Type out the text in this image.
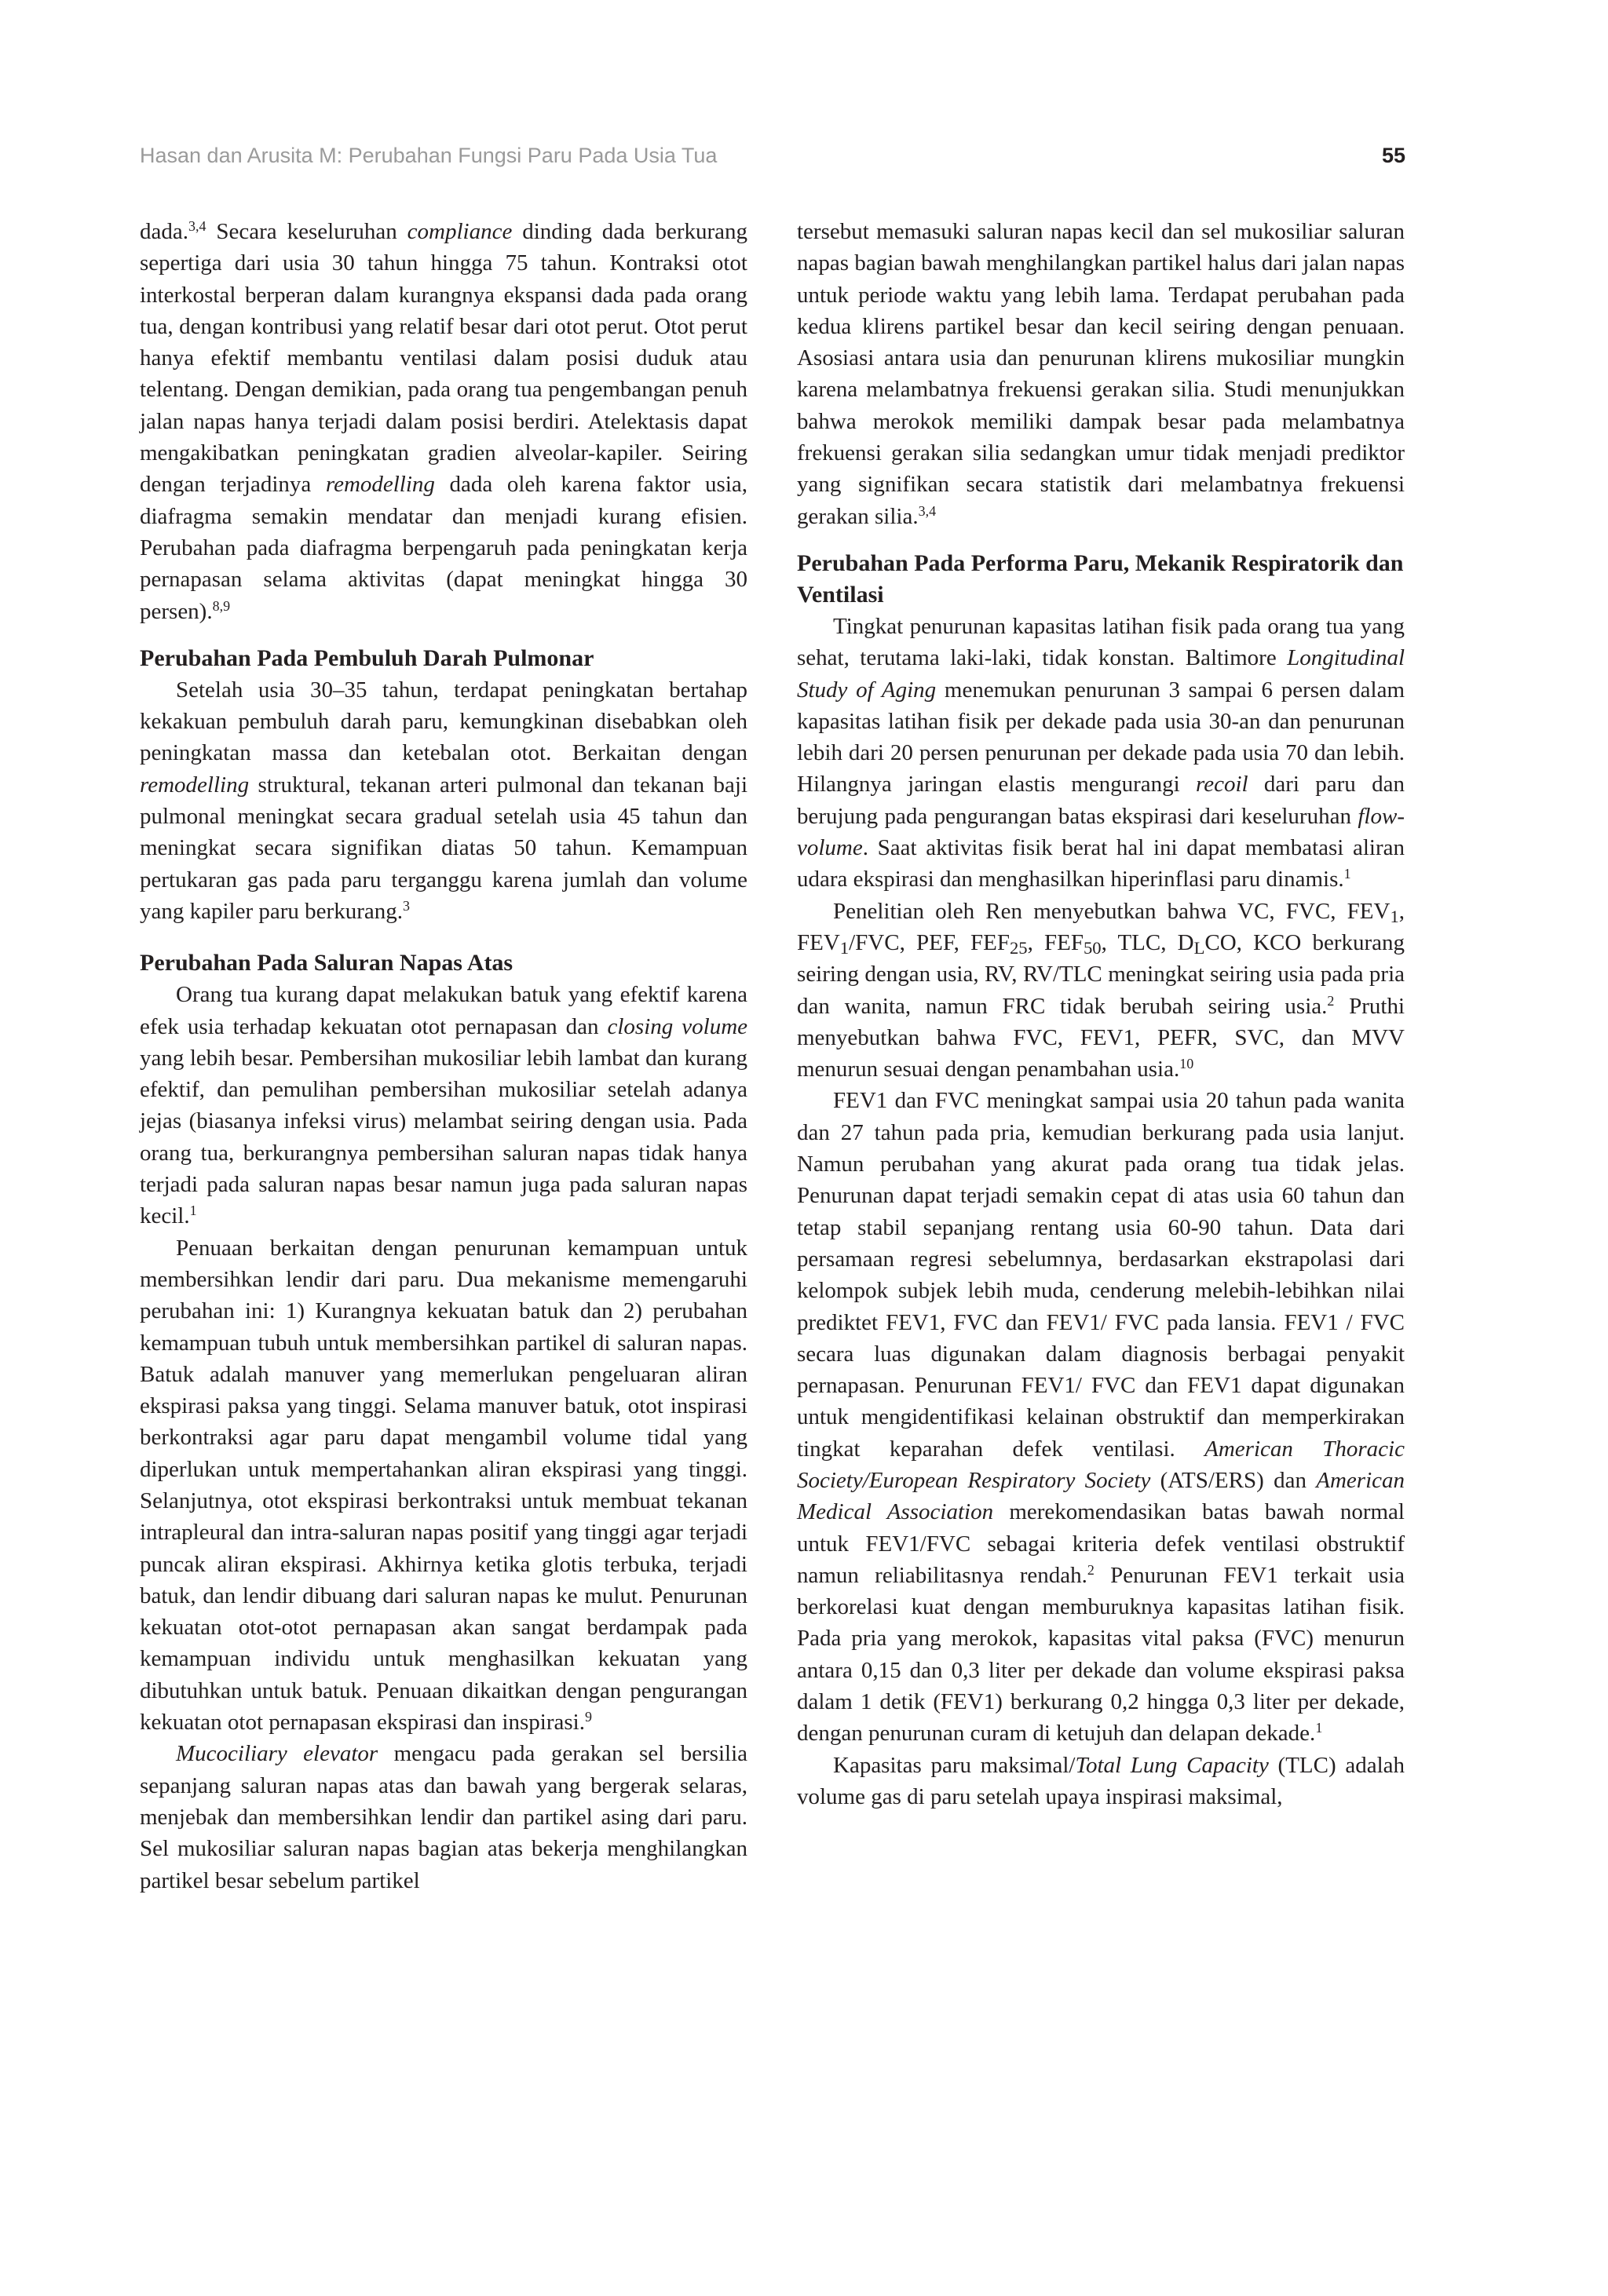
Hasan dan Arusita M: Perubahan Fungsi Paru Pada Usia Tua	55

dada.$^{3,4}$ Secara keseluruhan compliance dinding dada berkurang sepertiga dari usia 30 tahun hingga 75 tahun. Kontraksi otot interkostal berperan dalam kurangnya ekspansi dada pada orang tua, dengan kontribusi yang relatif besar dari otot perut. Otot perut hanya efektif membantu ventilasi dalam posisi duduk atau telentang. Dengan demikian, pada orang tua pengembangan penuh jalan napas hanya terjadi dalam posisi berdiri. Atelektasis dapat mengakibatkan peningkatan gradien alveolar-kapiler. Seiring dengan terjadinya remodelling dada oleh karena faktor usia, diafragma semakin mendatar dan menjadi kurang efisien. Perubahan pada diafragma berpengaruh pada peningkatan kerja pernapasan selama aktivitas (dapat meningkat hingga 30 persen).$^{8,9}$

Perubahan Pada Pembuluh Darah Pulmonar

Setelah usia 30–35 tahun, terdapat peningkatan bertahap kekakuan pembuluh darah paru, kemungkinan disebabkan oleh peningkatan massa dan ketebalan otot. Berkaitan dengan remodelling struktural, tekanan arteri pulmonal dan tekanan baji pulmonal meningkat secara gradual setelah usia 45 tahun dan meningkat secara signifikan diatas 50 tahun. Kemampuan pertukaran gas pada paru terganggu karena jumlah dan volume yang kapiler paru berkurang.$^3$

Perubahan Pada Saluran Napas Atas

Orang tua kurang dapat melakukan batuk yang efektif karena efek usia terhadap kekuatan otot pernapasan dan closing volume yang lebih besar. Pembersihan mukosiliar lebih lambat dan kurang efektif, dan pemulihan pembersihan mukosiliar setelah adanya jejas (biasanya infeksi virus) melambat seiring dengan usia. Pada orang tua, berkurangnya pembersihan saluran napas tidak hanya terjadi pada saluran napas besar namun juga pada saluran napas kecil.$^1$

Penuaan berkaitan dengan penurunan kemampuan untuk membersihkan lendir dari paru. Dua mekanisme memengaruhi perubahan ini: 1) Kurangnya kekuatan batuk dan 2) perubahan kemampuan tubuh untuk membersihkan partikel di saluran napas. Batuk adalah manuver yang memerlukan pengeluaran aliran ekspirasi paksa yang tinggi. Selama manuver batuk, otot inspirasi berkontraksi agar paru dapat mengambil volume tidal yang diperlukan untuk mempertahankan aliran ekspirasi yang tinggi. Selanjutnya, otot ekspirasi berkontraksi untuk membuat tekanan intrapleural dan intra-saluran napas positif yang tinggi agar terjadi puncak aliran ekspirasi. Akhirnya ketika glotis terbuka, terjadi batuk, dan lendir dibuang dari saluran napas ke mulut. Penurunan kekuatan otot-otot pernapasan akan sangat berdampak pada kemampuan individu untuk menghasilkan kekuatan yang dibutuhkan untuk batuk. Penuaan dikaitkan dengan pengurangan kekuatan otot pernapasan ekspirasi dan inspirasi.$^9$

Mucociliary elevator mengacu pada gerakan sel bersilia sepanjang saluran napas atas dan bawah yang bergerak selaras, menjebak dan membersihkan lendir dan partikel asing dari paru. Sel mukosiliar saluran napas bagian atas bekerja menghilangkan partikel besar sebelum partikel

tersebut memasuki saluran napas kecil dan sel mukosiliar saluran napas bagian bawah menghilangkan partikel halus dari jalan napas untuk periode waktu yang lebih lama. Terdapat perubahan pada kedua klirens partikel besar dan kecil seiring dengan penuaan. Asosiasi antara usia dan penurunan klirens mukosiliar mungkin karena melambatnya frekuensi gerakan silia. Studi menunjukkan bahwa merokok memiliki dampak besar pada melambatnya frekuensi gerakan silia sedangkan umur tidak menjadi prediktor yang signifikan secara statistik dari melambatnya frekuensi gerakan silia.$^{3,4}$

Perubahan Pada Performa Paru, Mekanik Respiratorik dan Ventilasi

Tingkat penurunan kapasitas latihan fisik pada orang tua yang sehat, terutama laki-laki, tidak konstan. Baltimore Longitudinal Study of Aging menemukan penurunan 3 sampai 6 persen dalam kapasitas latihan fisik per dekade pada usia 30-an dan penurunan lebih dari 20 persen penurunan per dekade pada usia 70 dan lebih. Hilangnya jaringan elastis mengurangi recoil dari paru dan berujung pada pengurangan batas ekspirasi dari keseluruhan flow-volume. Saat aktivitas fisik berat hal ini dapat membatasi aliran udara ekspirasi dan menghasilkan hiperinflasi paru dinamis.$^1$

Penelitian oleh Ren menyebutkan bahwa VC, FVC, $FEV_1$, $FEV_1$/FVC, PEF, $FEF_{25}$, $FEF_{50}$, TLC, $D_LCO$, KCO berkurang seiring dengan usia, RV, RV/TLC meningkat seiring usia pada pria dan wanita, namun FRC tidak berubah seiring usia.$^2$ Pruthi menyebutkan bahwa FVC, FEV1, PEFR, SVC, dan MVV menurun sesuai dengan penambahan usia.$^{10}$

FEV1 dan FVC meningkat sampai usia 20 tahun pada wanita dan 27 tahun pada pria, kemudian berkurang pada usia lanjut. Namun perubahan yang akurat pada orang tua tidak jelas. Penurunan dapat terjadi semakin cepat di atas usia 60 tahun dan tetap stabil sepanjang rentang usia 60-90 tahun. Data dari persamaan regresi sebelumnya, berdasarkan ekstrapolasi dari kelompok subjek lebih muda, cenderung melebih-lebihkan nilai prediktet FEV1, FVC dan FEV1/ FVC pada lansia. FEV1 / FVC secara luas digunakan dalam diagnosis berbagai penyakit pernapasan. Penurunan FEV1/ FVC dan FEV1 dapat digunakan untuk mengidentifikasi kelainan obstruktif dan memperkirakan tingkat keparahan defek ventilasi. American Thoracic Society/European Respiratory Society (ATS/ERS) dan American Medical Association merekomendasikan batas bawah normal untuk FEV1/FVC sebagai kriteria defek ventilasi obstruktif namun reliabilitasnya rendah.$^2$ Penurunan FEV1 terkait usia berkorelasi kuat dengan memburuknya kapasitas latihan fisik. Pada pria yang merokok, kapasitas vital paksa (FVC) menurun antara 0,15 dan 0,3 liter per dekade dan volume ekspirasi paksa dalam 1 detik (FEV1) berkurang 0,2 hingga 0,3 liter per dekade, dengan penurunan curam di ketujuh dan delapan dekade.$^1$

Kapasitas paru maksimal/Total Lung Capacity (TLC) adalah volume gas di paru setelah upaya inspirasi maksimal,
